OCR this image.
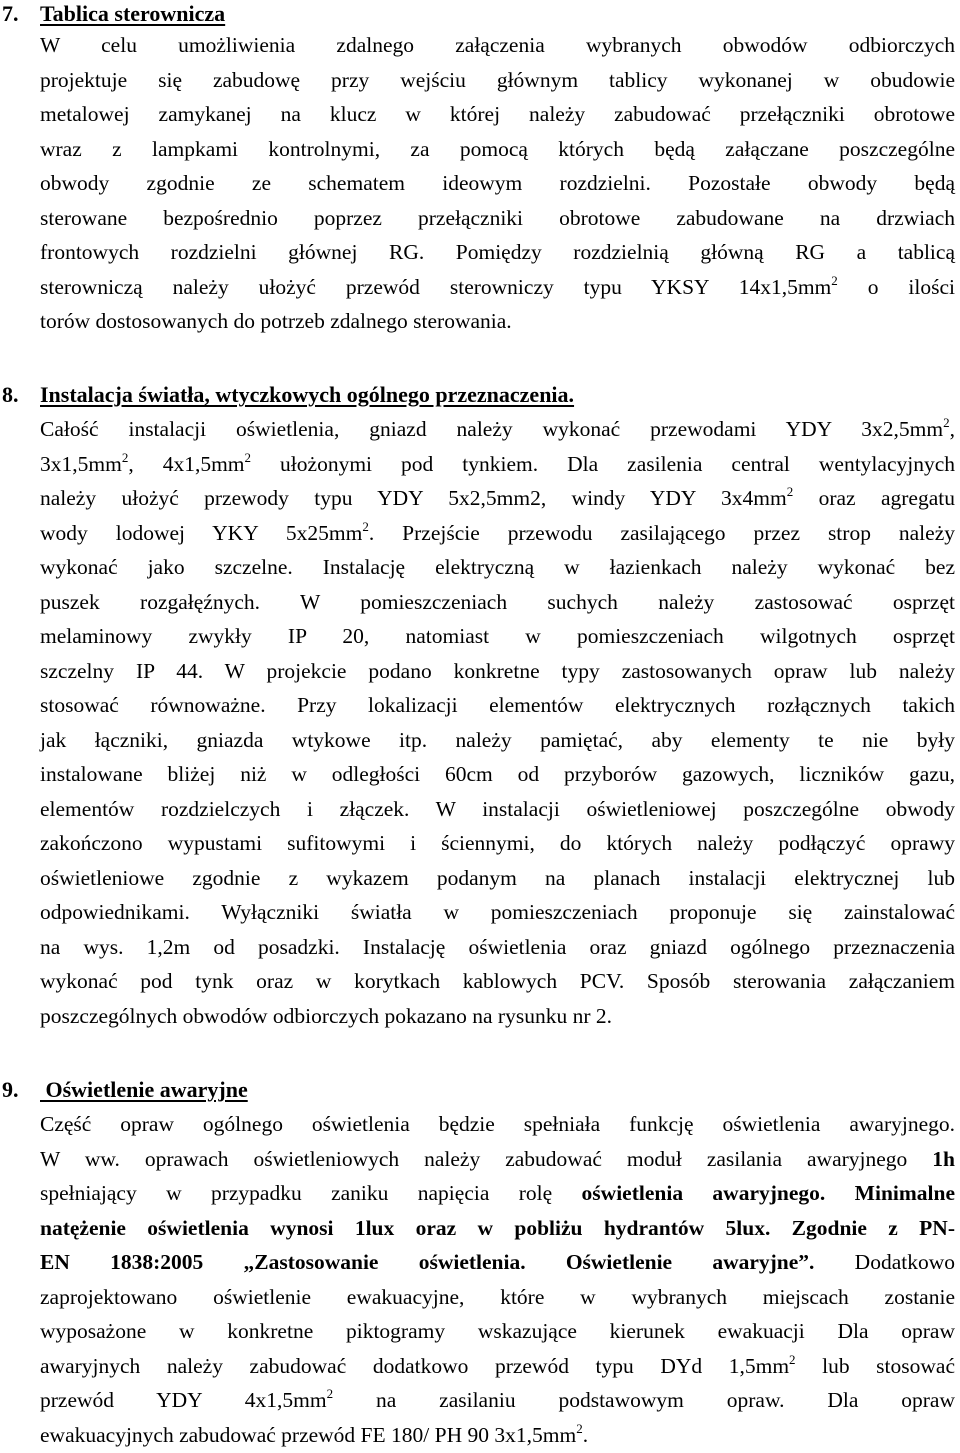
7. Tablica sterownicza
W celu umożliwienia zdalnego załączenia wybranych obwodów odbiorczych
projektuje się zabudowę przy wejściu głównym tablicy wykonanej w obudowie
metalowej zamykanej na klucz w której należy zabudować przełączniki obrotowe
wraz z lampkami kontrolnymi, za pomocą których będą załączane poszczególne
obwody zgodnie ze schematem ideowym rozdzielni. Pozostałe obwody będą
sterowane bezpośrednio poprzez przełączniki obrotowe zabudowane na drzwiach
frontowych rozdzielni głównej RG. Pomiędzy rozdzielnią główną RG a tablicą
sterowniczą należy ułożyć przewód sterowniczy typu YKSY $14x1,5mm^2$ o ilości
torów dostosowanych do potrzeb zdalnego sterowania.
8. Instalacja światła, wtyczkowych ogólnego przeznaczenia.
Całość instalacji oświetlenia, gniazd należy wykonać przewodami YDY $3x2,5mm^2$,
$3x1,5mm^2$, $4x1,5mm^2$ ułożonymi pod tynkiem. Dla zasilenia central wentylacyjnych
należy ułożyć przewody typu YDY 5x2,5mm2, windy YDY $3x4mm^2$ oraz agregatu
wody lodowej YKY $5x25mm^2$. Przejście przewodu zasilającego przez strop należy
wykonać jako szczelne. Instalację elektryczną w łazienkach należy wykonać bez
puszek rozgałęźnych. W pomieszczeniach suchych należy zastosować osprzęt
melaminowy zwykły IP 20, natomiast w pomieszczeniach wilgotnych osprzęt
szczelny IP 44. W projekcie podano konkretne typy zastosowanych opraw lub należy
stosować równoważne. Przy lokalizacji elementów elektrycznych rozłącznych takich
jak łączniki, gniazda wtykowe itp. należy pamiętać, aby elementy te nie były
instalowane bliżej niż w odległości 60cm od przyborów gazowych, liczników gazu,
elementów rozdzielczych i złączek. W instalacji oświetleniowej poszczególne obwody
zakończono wypustami sufitowymi i ściennymi, do których należy podłączyć oprawy
oświetleniowe zgodnie z wykazem podanym na planach instalacji elektrycznej lub
odpowiednikami. Wyłączniki światła w pomieszczeniach proponuje się zainstalować
na wys. 1,2m od posadzki. Instalację oświetlenia oraz gniazd ogólnego przeznaczenia
wykonać pod tynk oraz w korytkach kablowych PCV. Sposób sterowania załączaniem
poszczególnych obwodów odbiorczych pokazano na rysunku nr 2.
9. Oświetlenie awaryjne
Część opraw ogólnego oświetlenia będzie spełniała funkcję oświetlenia awaryjnego.
W ww. oprawach oświetleniowych należy zabudować moduł zasilania awaryjnego 1h
spełniający w przypadku zaniku napięcia rolę oświetlenia awaryjnego. Minimalne
natężenie oświetlenia wynosi 1lux oraz w pobliżu hydrantów 5lux. Zgodnie z PN-
EN 1838:2005 „Zastosowanie oświetlenia. Oświetlenie awaryjne”. Dodatkowo
zaprojektowano oświetlenie ewakuacyjne, które w wybranych miejscach zostanie
wyposażone w konkretne piktogramy wskazujące kierunek ewakuacji Dla opraw
awaryjnych należy zabudować dodatkowo przewód typu DYd $1,5mm^2$ lub stosować
przewód YDY $4x1,5mm^2$ na zasilaniu podstawowym opraw. Dla opraw
ewakuacyjnych zabudować przewód FE 180/ PH 90 $3x1,5mm^2$.
